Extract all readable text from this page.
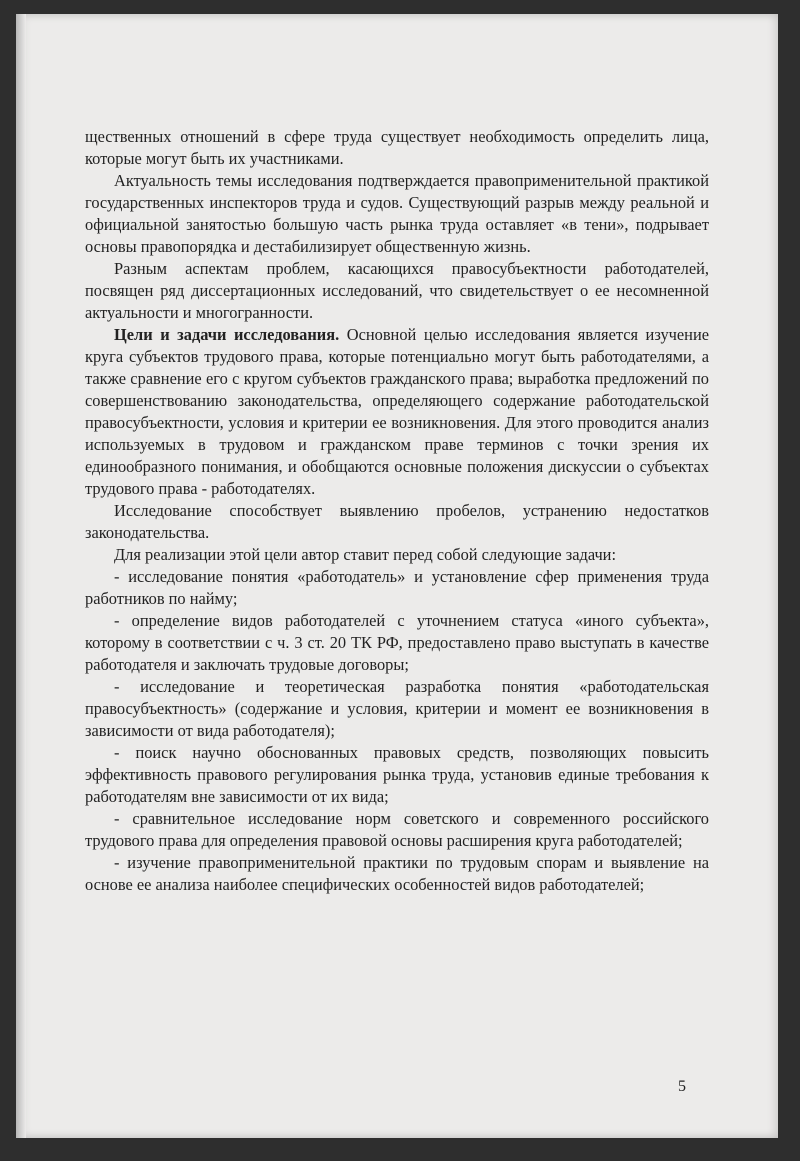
щественных отношений в сфере труда существует необходимость определить лица, которые могут быть их участниками.

Актуальность темы исследования подтверждается правоприменительной практикой государственных инспекторов труда и судов. Существующий разрыв между реальной и официальной занятостью большую часть рынка труда оставляет «в тени», подрывает основы правопорядка и дестабилизирует общественную жизнь.

Разным аспектам проблем, касающихся правосубъектности работодателей, посвящен ряд диссертационных исследований, что свидетельствует о ее несомненной актуальности и многогранности.

Цели и задачи исследования. Основной целью исследования является изучение круга субъектов трудового права, которые потенциально могут быть работодателями, а также сравнение его с кругом субъектов гражданского права; выработка предложений по совершенствованию законодательства, определяющего содержание работодательской правосубъектности, условия и критерии ее возникновения. Для этого проводится анализ используемых в трудовом и гражданском праве терминов с точки зрения их единообразного понимания, и обобщаются основные положения дискуссии о субъектах трудового права - работодателях.

Исследование способствует выявлению пробелов, устранению недостатков законодательства.

Для реализации этой цели автор ставит перед собой следующие задачи:

- исследование понятия «работодатель» и установление сфер применения труда работников по найму;

- определение видов работодателей с уточнением статуса «иного субъекта», которому в соответствии с ч. 3 ст. 20 ТК РФ, предоставлено право выступать в качестве работодателя и заключать трудовые договоры;

- исследование и теоретическая разработка понятия «работодательская правосубъектность» (содержание и условия, критерии и момент ее возникновения в зависимости от вида работодателя);

- поиск научно обоснованных правовых средств, позволяющих повысить эффективность правового регулирования рынка труда, установив единые требования к работодателям вне зависимости от их вида;

- сравнительное исследование норм советского и современного российского трудового права для определения правовой основы расширения круга работодателей;

- изучение правоприменительной практики по трудовым спорам и выявление на основе ее анализа наиболее специфических особенностей видов работодателей;

5
